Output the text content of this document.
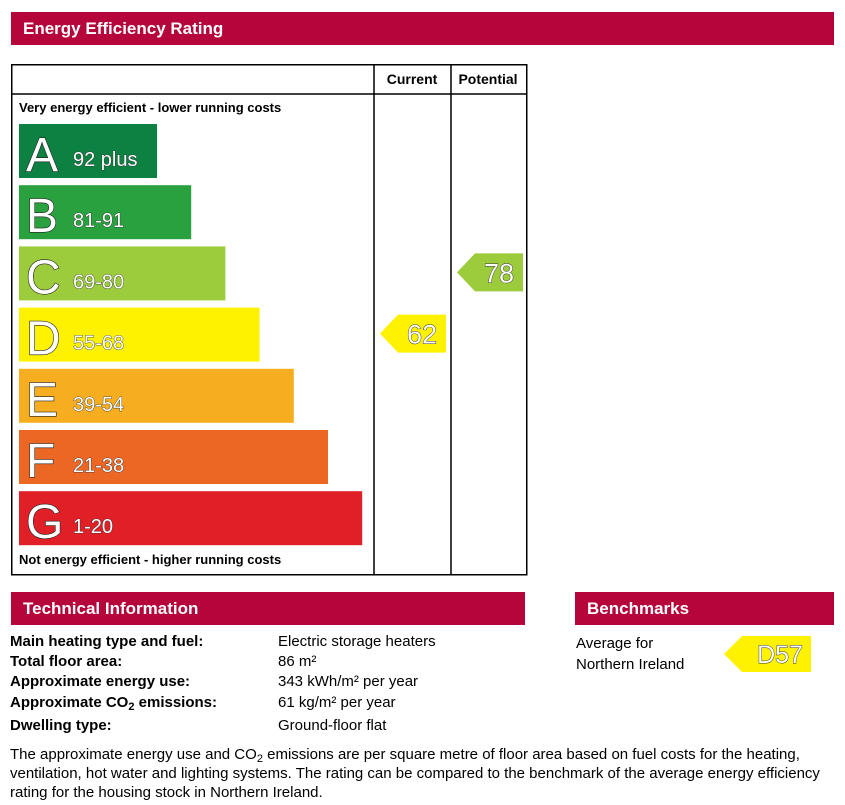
Energy Efficiency Rating
Current Potential
Very energy efficient - lower running costs
Not energy efficient - higher running costs
A 92 plus
B 81-91
C 69-80
D 55-68
E 39-54
F 21-38
G 1-20
62
78
Technical Information
Main heating type and fuel:	Electric storage heaters
Total floor area:	86 m²
Approximate energy use:	343 kWh/m² per year
Approximate $CO_2$ emissions:	61 kg/m² per year
Dwelling type:	Ground-floor flat
Benchmarks
Average for
Northern Ireland	D57
The approximate energy use and $CO_2$ emissions are per square metre of floor area based on fuel costs for the heating, ventilation, hot water and lighting systems. The rating can be compared to the benchmark of the average energy efficiency rating for the housing stock in Northern Ireland.
